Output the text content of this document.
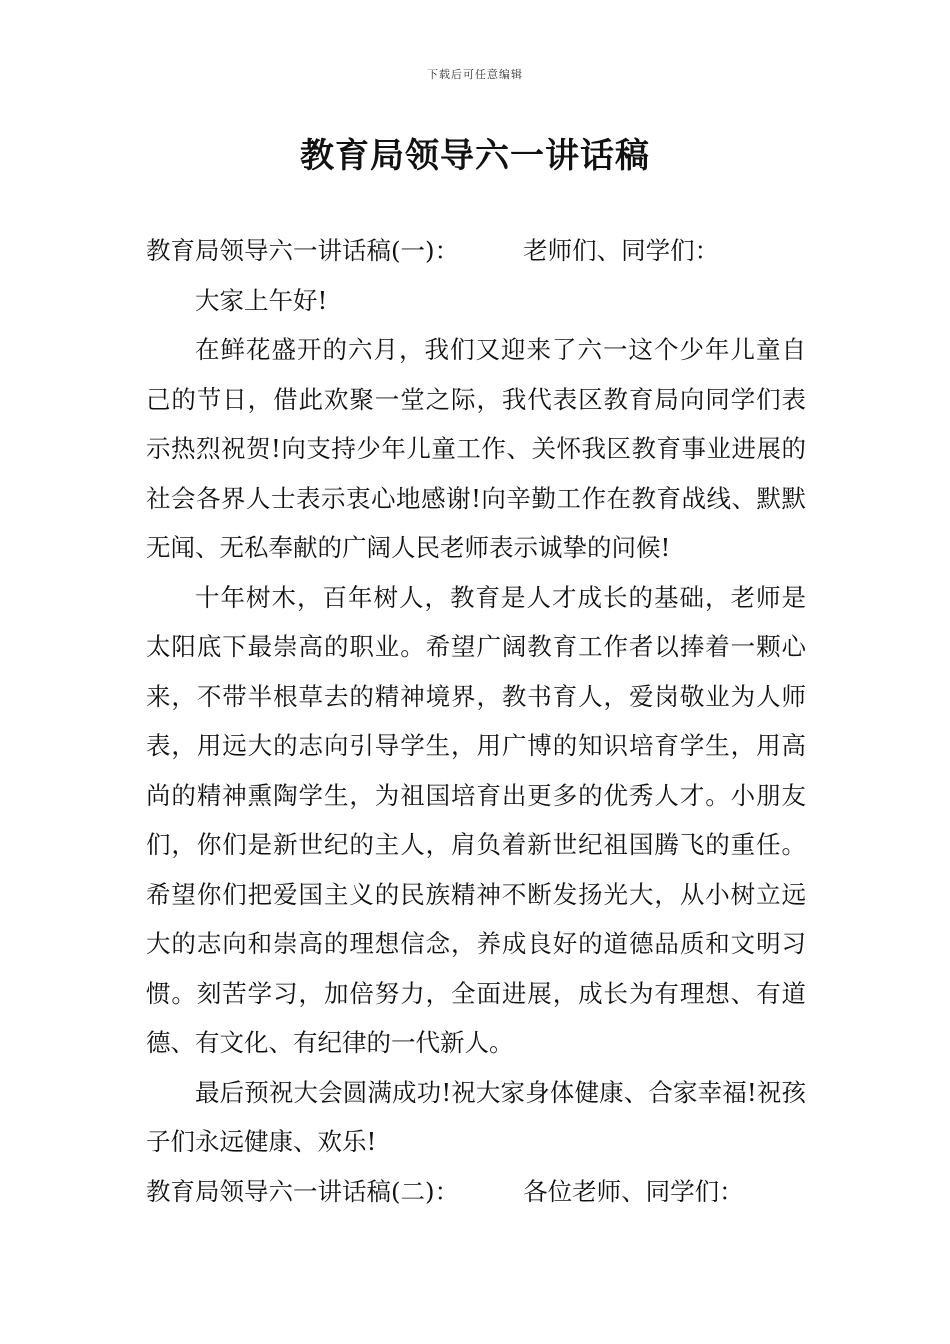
下载后可任意编辑
教育局领导六一讲话稿

教育局领导六一讲话稿(一)：	老师们、同学们：

大家上午好!

在鲜花盛开的六月，我们又迎来了六一这个少年儿童自己的节日，借此欢聚一堂之际，我代表区教育局向同学们表示热烈祝贺!向支持少年儿童工作、关怀我区教育事业进展的社会各界人士表示衷心地感谢!向辛勤工作在教育战线、默默无闻、无私奉献的广阔人民老师表示诚挚的问候!

十年树木，百年树人，教育是人才成长的基础，老师是太阳底下最崇高的职业。希望广阔教育工作者以捧着一颗心来，不带半根草去的精神境界，教书育人，爱岗敬业为人师表，用远大的志向引导学生，用广博的知识培育学生，用高尚的精神熏陶学生，为祖国培育出更多的优秀人才。小朋友们，你们是新世纪的主人，肩负着新世纪祖国腾飞的重任。希望你们把爱国主义的民族精神不断发扬光大，从小树立远大的志向和崇高的理想信念，养成良好的道德品质和文明习惯。刻苦学习，加倍努力，全面进展，成长为有理想、有道德、有文化、有纪律的一代新人。

最后预祝大会圆满成功!祝大家身体健康、合家幸福!祝孩子们永远健康、欢乐!

教育局领导六一讲话稿(二)：	各位老师、同学们：
